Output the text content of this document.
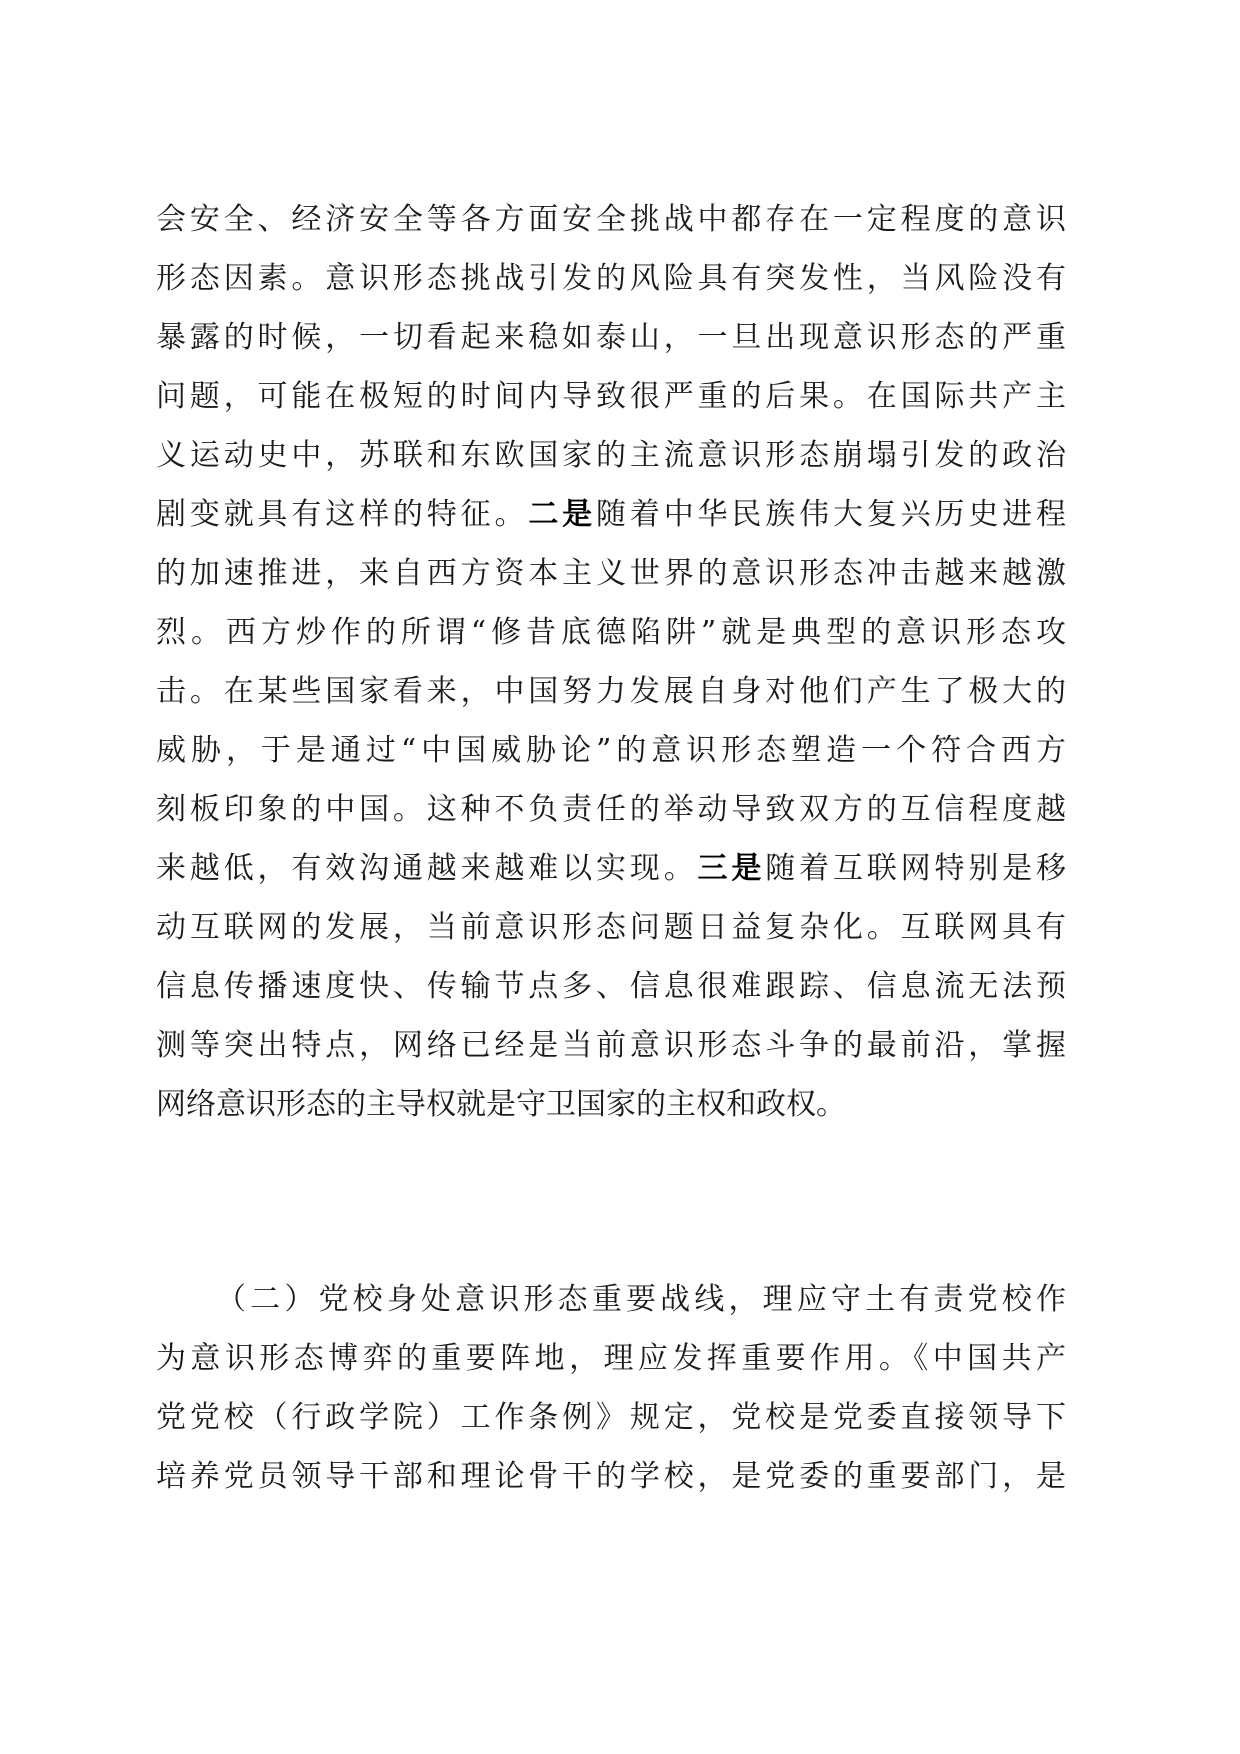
会安全、经济安全等各方面安全挑战中都存在一定程度的意识
形态因素。意识形态挑战引发的风险具有突发性，当风险没有
暴露的时候，一切看起来稳如泰山，一旦出现意识形态的严重
问题，可能在极短的时间内导致很严重的后果。在国际共产主
义运动史中，苏联和东欧国家的主流意识形态崩塌引发的政治
剧变就具有这样的特征。二是随着中华民族伟大复兴历史进程
的加速推进，来自西方资本主义世界的意识形态冲击越来越激
烈。西方炒作的所谓“修昔底德陷阱”就是典型的意识形态攻
击。在某些国家看来，中国努力发展自身对他们产生了极大的
威胁，于是通过“中国威胁论”的意识形态塑造一个符合西方
刻板印象的中国。这种不负责任的举动导致双方的互信程度越
来越低，有效沟通越来越难以实现。三是随着互联网特别是移
动互联网的发展，当前意识形态问题日益复杂化。互联网具有
信息传播速度快、传输节点多、信息很难跟踪、信息流无法预
测等突出特点，网络已经是当前意识形态斗争的最前沿，掌握
网络意识形态的主导权就是守卫国家的主权和政权。
（二）党校身处意识形态重要战线，理应守土有责党校作
为意识形态博弈的重要阵地，理应发挥重要作用。《中国共产
党党校（行政学院）工作条例》规定，党校是党委直接领导下
培养党员领导干部和理论骨干的学校，是党委的重要部门，是
